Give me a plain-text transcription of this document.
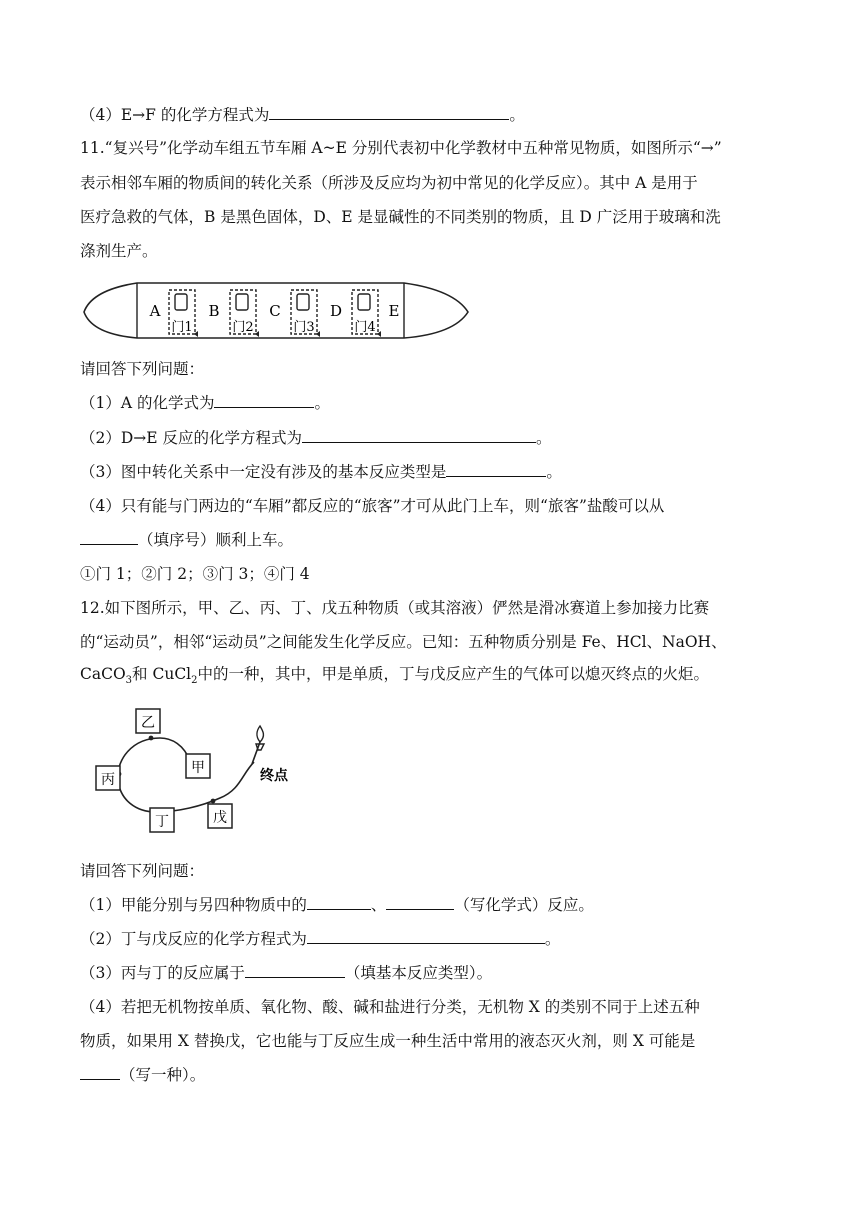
（4）E→F 的化学方程式为	。
11.“复兴号”化学动车组五节车厢 A~E 分别代表初中化学教材中五种常见物质，如图所示“→”
表示相邻车厢的物质间的转化关系（所涉及反应均为初中常见的化学反应）。其中 A 是用于
医疗急救的气体，B 是黑色固体，D、E 是显碱性的不同类别的物质，且 D 广泛用于玻璃和洗
涤剂生产。
门1	门2	门3	门4
A	B	C	D	E
请回答下列问题：
（1）A 的化学式为	。
（2）D→E 反应的化学方程式为	。
（3）图中转化关系中一定没有涉及的基本反应类型是	。
（4）只有能与门两边的“车厢”都反应的“旅客”才可从此门上车，则“旅客”盐酸可以从
（填序号）顺利上车。
①门 1；②门 2；③门 3；④门 4
12.如下图所示，甲、乙、丙、丁、戊五种物质（或其溶液）俨然是滑冰赛道上参加接力比赛
的“运动员”，相邻“运动员”之间能发生化学反应。已知：五种物质分别是 Fe、HCl、NaOH、
CaCO$_3$和 CuCl$_2$中的一种，其中，甲是单质，丁与戊反应产生的气体可以熄灭终点的火炬。
乙
甲
丙
丁	戊
终点
请回答下列问题：
（1）甲能分别与另四种物质中的	、	（写化学式）反应。
（2）丁与戊反应的化学方程式为	。
（3）丙与丁的反应属于	（填基本反应类型）。
（4）若把无机物按单质、氧化物、酸、碱和盐进行分类，无机物 X 的类别不同于上述五种
物质，如果用 X 替换戊，它也能与丁反应生成一种生活中常用的液态灭火剂，则 X 可能是
（写一种）。
